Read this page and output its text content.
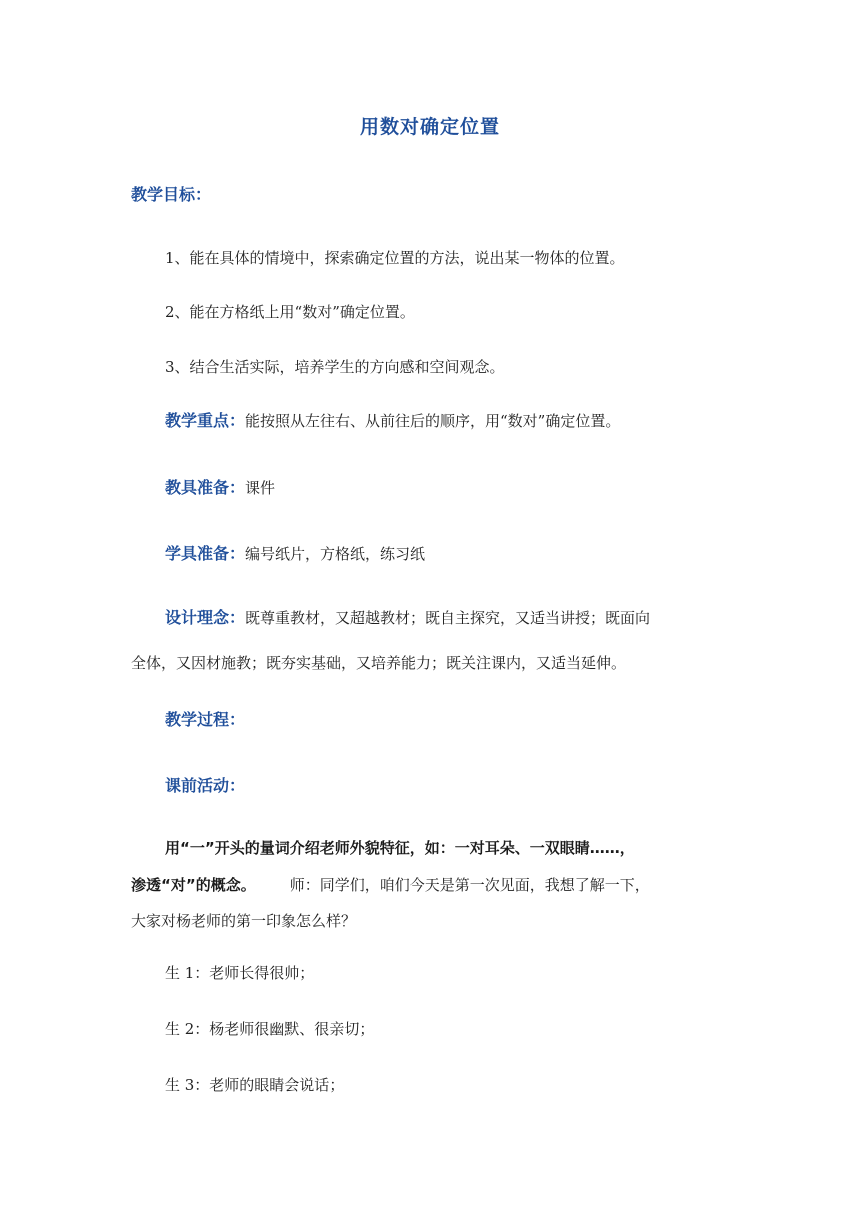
用数对确定位置
教学目标：
1、能在具体的情境中，探索确定位置的方法，说出某一物体的位置。
2、能在方格纸上用“数对”确定位置。
3、结合生活实际，培养学生的方向感和空间观念。
教学重点：能按照从左往右、从前往后的顺序，用“数对”确定位置。
教具准备：课件
学具准备：编号纸片，方格纸，练习纸
设计理念：既尊重教材，又超越教材；既自主探究，又适当讲授；既面向
全体，又因材施教；既夯实基础，又培养能力；既关注课内，又适当延伸。
教学过程：
课前活动：
用“一”开头的量词介绍老师外貌特征，如：一对耳朵、一双眼睛……，
渗透“对”的概念。 师：同学们，咱们今天是第一次见面，我想了解一下，
大家对杨老师的第一印象怎么样？
生 1：老师长得很帅；
生 2：杨老师很幽默、很亲切；
生 3：老师的眼睛会说话；
